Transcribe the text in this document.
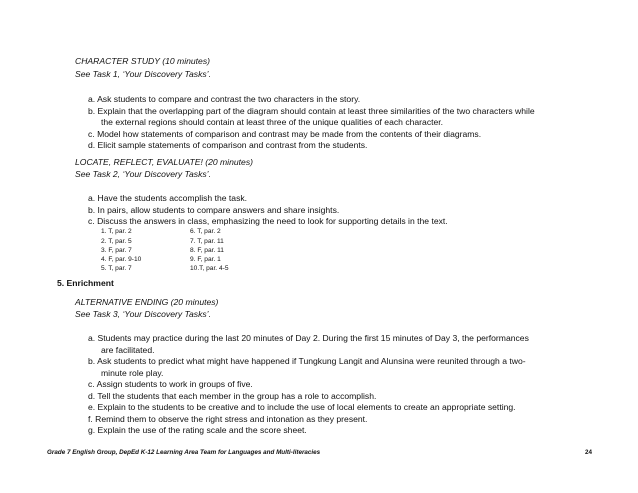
CHARACTER STUDY (10 minutes)
See Task 1, ‘Your Discovery Tasks’.
a. Ask students to compare and contrast the two characters in the story.
b. Explain that the overlapping part of the diagram should contain at least three similarities of the two characters while
the external regions should contain at least three of the unique qualities of each character.
c. Model how statements of comparison and contrast may be made from the contents of their diagrams.
d. Elicit sample statements of comparison and contrast from the students.
LOCATE, REFLECT, EVALUATE! (20 minutes)
See Task 2, ‘Your Discovery Tasks’.
a. Have the students accomplish the task.
b. In pairs, allow students to compare answers and share insights.
c. Discuss the answers in class, emphasizing the need to look for supporting details in the text.
1. T, par. 2
2. T, par. 5
3. F, par. 7
4. F, par. 9-10
5. T, par. 7
6. T, par. 2
7. T, par. 11
8. F, par. 11
9. F, par. 1
10.T, par. 4-5
5. Enrichment
ALTERNATIVE ENDING (20 minutes)
See Task 3, ‘Your Discovery Tasks’.
a. Students may practice during the last 20 minutes of Day 2. During the first 15 minutes of Day 3, the performances
are facilitated.
b. Ask students to predict what might have happened if Tungkung Langit and Alunsina were reunited through a two-
minute role play.
c. Assign students to work in groups of five.
d. Tell the students that each member in the group has a role to accomplish.
e. Explain to the students to be creative and to include the use of local elements to create an appropriate setting.
f. Remind them to observe the right stress and intonation as they present.
g. Explain the use of the rating scale and the score sheet.
Grade 7 English Group, DepEd K-12 Learning Area Team for Languages and Multi-literacies	24
